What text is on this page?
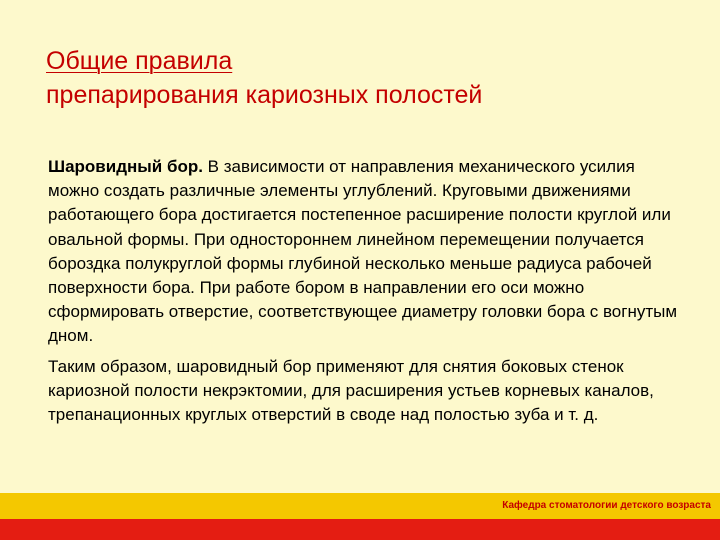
Общие правила
препарирования кариозных полостей

Шаровидный бор. В зависимости от направления механического усилия можно создать различные элементы углублений. Круговыми движениями работающего бора достигается постепенное расширение полости круглой или овальной формы. При одностороннем линейном перемещении получается бороздка полукруглой формы глубиной несколько меньше радиуса рабочей поверхности бора. При работе бором в направлении его оси можно сформировать отверстие, соответствующее диаметру головки бора с вогнутым дном.

Таким образом, шаровидный бор применяют для снятия боковых стенок кариозной полости некрэктомии, для расширения устьев корневых каналов, трепанационных круглых отверстий в своде над полостью зуба и т. д.

Кафедра стоматологии детского возраста
